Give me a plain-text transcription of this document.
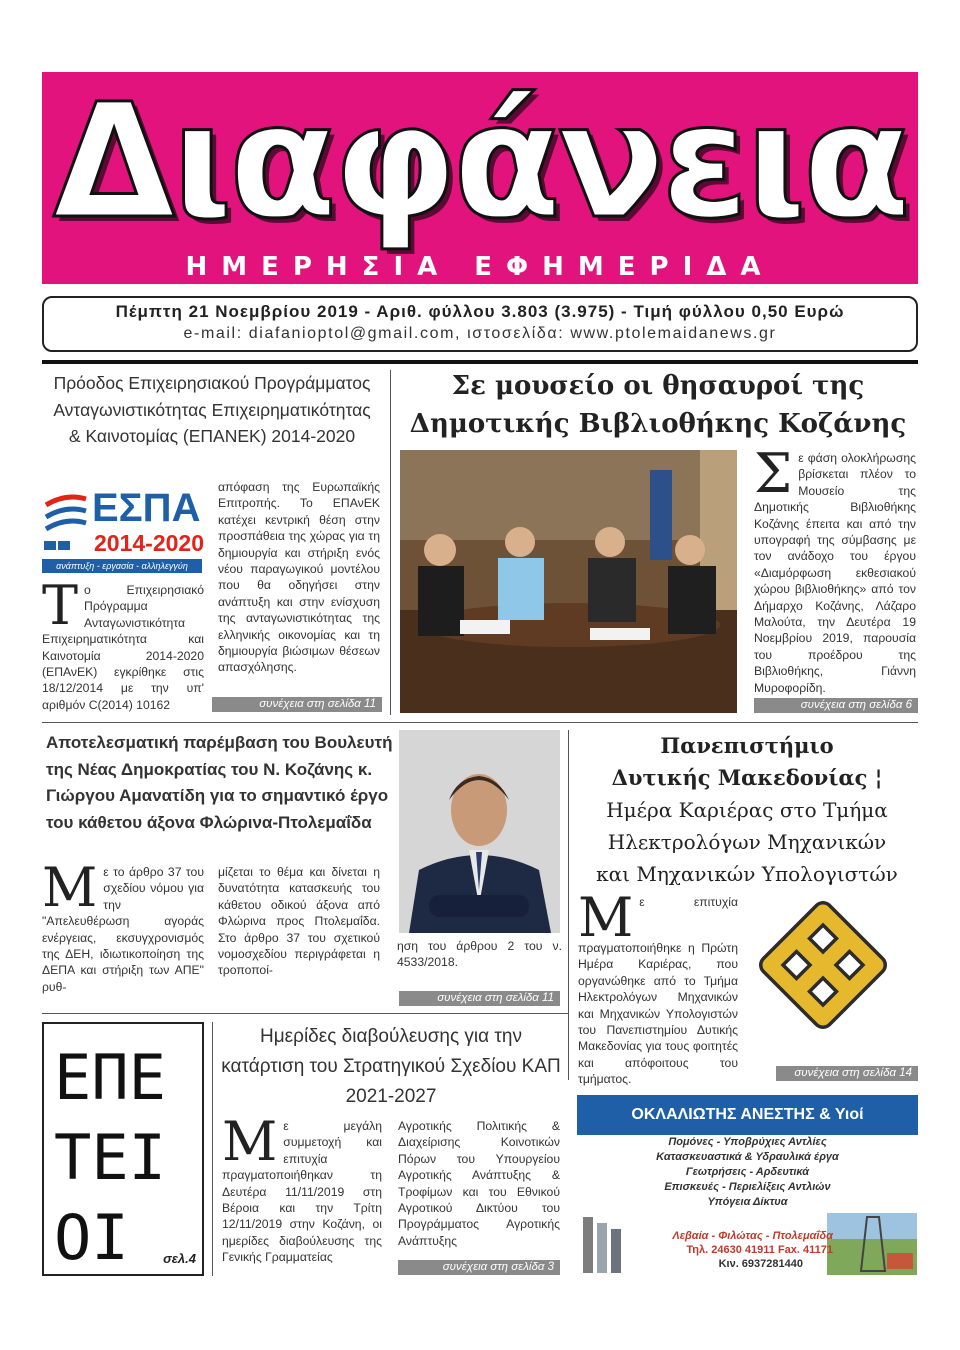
Διαφάνεια
ΗΜΕΡΗΣΙΑ ΕΦΗΜΕΡΙΔΑ
Πέμπτη 21 Νοεμβρίου 2019 - Αριθ. φύλλου 3.803 (3.975) - Τιμή φύλλου 0,50 Ευρώ
e-mail: diafanioptol@gmail.com, ιστοσελίδα: www.ptolemaidanews.gr
Πρόοδος Επιχειρησιακού Προγράμματος Ανταγωνιστικότητας Επιχειρηματικότητας & Καινοτομίας (ΕΠΑΝΕΚ) 2014-2020
ΕΣΠΑ
2014-2020
ανάπτυξη - εργασία - αλληλεγγύη
Το Επιχειρησιακό Πρόγραμμα Ανταγωνιστικότητα Επιχειρηματικότητα και Καινοτομία 2014-2020 (ΕΠΑνΕΚ) εγκρίθηκε στις 18/12/2014 με την υπ' αριθμόν C(2014) 10162
απόφαση της Ευρωπαϊκής Επιτροπής. Το ΕΠΑνΕΚ κατέχει κεντρική θέση στην προσπάθεια της χώρας για τη δημιουργία και στήριξη ενός νέου παραγωγικού μοντέλου που θα οδηγήσει στην ανάπτυξη και στην ενίσχυση της ανταγωνιστικότητας της ελληνικής οικονομίας και τη δημιουργία βιώσιμων θέσεων απασχόλησης.
συνέχεια στη σελίδα 11
Σε μουσείο οι θησαυροί της
Δημοτικής Βιβλιοθήκης Κοζάνης
Σε φάση ολοκλήρωσης βρίσκεται πλέον το Μουσείο της Δημοτικής Βιβλιοθήκης Κοζάνης έπειτα και από την υπογραφή της σύμβασης με τον ανάδοχο του έργου «Διαμόρφωση εκθεσιακού χώρου βιβλιοθήκης» από τον Δήμαρχο Κοζάνης, Λάζαρο Μαλούτα, την Δευτέρα 19 Νοεμβρίου 2019, παρουσία του προέδρου της Βιβλιοθήκης, Γιάννη Μυροφορίδη.
συνέχεια στη σελίδα 6
Αποτελεσματική παρέμβαση του Βουλευτή της Νέας Δημοκρατίας του Ν. Κοζάνης κ. Γιώργου Αμανατίδη για το σημαντικό έργο του κάθετου άξονα Φλώρινα-Πτολεμαΐδα
Με το άρθρο 37 του σχεδίου νόμου για την "Απελευθέρωση αγοράς ενέργειας, εκσυγχρονισμός της ΔΕΗ, ιδιωτικοποίηση της ΔΕΠΑ και στήριξη των ΑΠΕ" ρυθ-
μίζεται το θέμα και δίνεται η δυνατότητα κατασκευής του κάθετου οδικού άξονα από Φλώρινα προς Πτολεμαΐδα. Στο άρθρο 37 του σχετικού νομοσχεδίου περιγράφεται η τροποποί-
ηση του άρθρου 2 του ν. 4533/2018.
συνέχεια στη σελίδα 11
Πανεπιστήμιο
Δυτικής Μακεδονίας ¦
Ημέρα Καριέρας στο Τμήμα
Ηλεκτρολόγων Μηχανικών
και Μηχανικών Υπολογιστών
Με επιτυχία πραγματοποιήθηκε η Πρώτη Ημέρα Καριέρας, που οργανώθηκε από το Τμήμα Ηλεκτρολόγων Μηχανικών και Μηχανικών Υπολογιστών του Πανεπιστημίου Δυτικής Μακεδονίας για τους φοιτητές και απόφοιτους του τμήματος.	συνέχεια στη σελίδα 14
ΕΠΕ
ΤΕΙ
ΟΙ	σελ.4
Ημερίδες διαβούλευσης για την κατάρτιση του Στρατηγικού Σχεδίου ΚΑΠ 2021-2027
Με μεγάλη συμμετοχή και επιτυχία πραγματοποιήθηκαν τη Δευτέρα 11/11/2019 στη Βέροια και την Τρίτη 12/11/2019 στην Κοζάνη, οι ημερίδες διαβούλευσης της Γενικής Γραμματείας
Αγροτικής Πολιτικής & Διαχείρισης Κοινοτικών Πόρων του Υπουργείου Αγροτικής Ανάπτυξης & Τροφίμων και του Εθνικού Αγροτικού Δικτύου του Προγράμματος Αγροτικής Ανάπτυξης
συνέχεια στη σελίδα 3
ΟΚΛΑΛΙΩΤΗΣ ΑΝΕΣΤΗΣ & Υιοί
Πομόνες - Υποβρύχιες Αντλίες
Κατασκευαστικά & Υδραυλικά έργα
Γεωτρήσεις - Αρδευτικά
Επισκευές - Περιελίξεις Αντλιών
Υπόγεια Δίκτυα
Λεβαία - Φιλώτας - Πτολεμαΐδα
Τηλ. 24630 41911 Fax. 41171
Κιν. 6937281440
